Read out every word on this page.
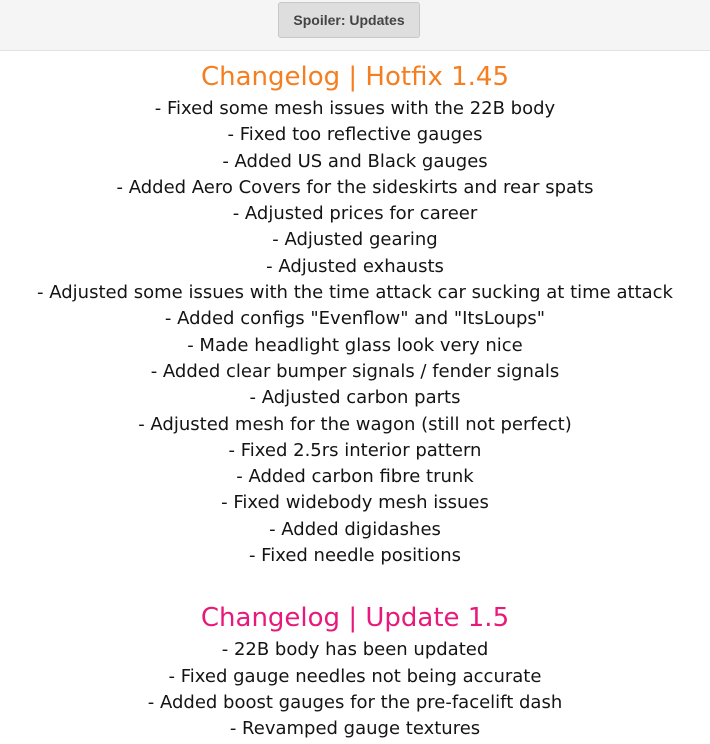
Spoiler: Updates
Changelog | Hotfix 1.45
- Fixed some mesh issues with the 22B body
- Fixed too reflective gauges
- Added US and Black gauges
- Added Aero Covers for the sideskirts and rear spats
- Adjusted prices for career
- Adjusted gearing
- Adjusted exhausts
- Adjusted some issues with the time attack car sucking at time attack
- Added configs "Evenflow" and "ItsLoups"
- Made headlight glass look very nice
- Added clear bumper signals / fender signals
- Adjusted carbon parts
- Adjusted mesh for the wagon (still not perfect)
- Fixed 2.5rs interior pattern
- Added carbon fibre trunk
- Fixed widebody mesh issues
- Added digidashes
- Fixed needle positions
Changelog | Update 1.5
- 22B body has been updated
- Fixed gauge needles not being accurate
- Added boost gauges for the pre-facelift dash
- Revamped gauge textures
